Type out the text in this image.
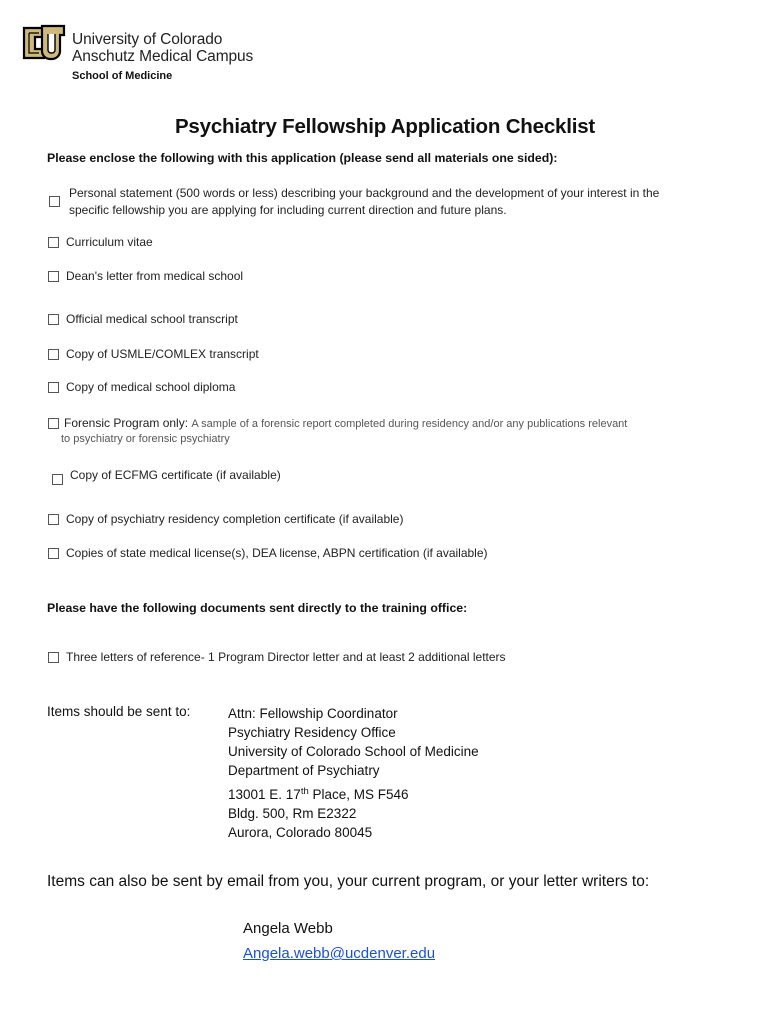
University of Colorado
Anschutz Medical Campus
School of Medicine
Psychiatry Fellowship Application Checklist
Please enclose the following with this application (please send all materials one sided):
Personal statement (500 words or less) describing your background and the development of your interest in the
specific fellowship you are applying for including current direction and future plans.
Curriculum vitae
Dean's letter from medical school
Official medical school transcript
Copy of USMLE/COMLEX transcript
Copy of medical school diploma
Forensic Program only: A sample of a forensic report completed during residency and/or any publications relevant
to psychiatry or forensic psychiatry
Copy of ECFMG certificate (if available)
Copy of psychiatry residency completion certificate (if available)
Copies of state medical license(s), DEA license, ABPN certification (if available)
Please have the following documents sent directly to the training office:
Three letters of reference- 1 Program Director letter and at least 2 additional letters
Items should be sent to:	Attn: Fellowship Coordinator
Psychiatry Residency Office
University of Colorado School of Medicine
Department of Psychiatry
13001 E. 17th Place, MS F546
Bldg. 500, Rm E2322
Aurora, Colorado 80045
Items can also be sent by email from you, your current program, or your letter writers to:
Angela Webb
Angela.webb@ucdenver.edu
